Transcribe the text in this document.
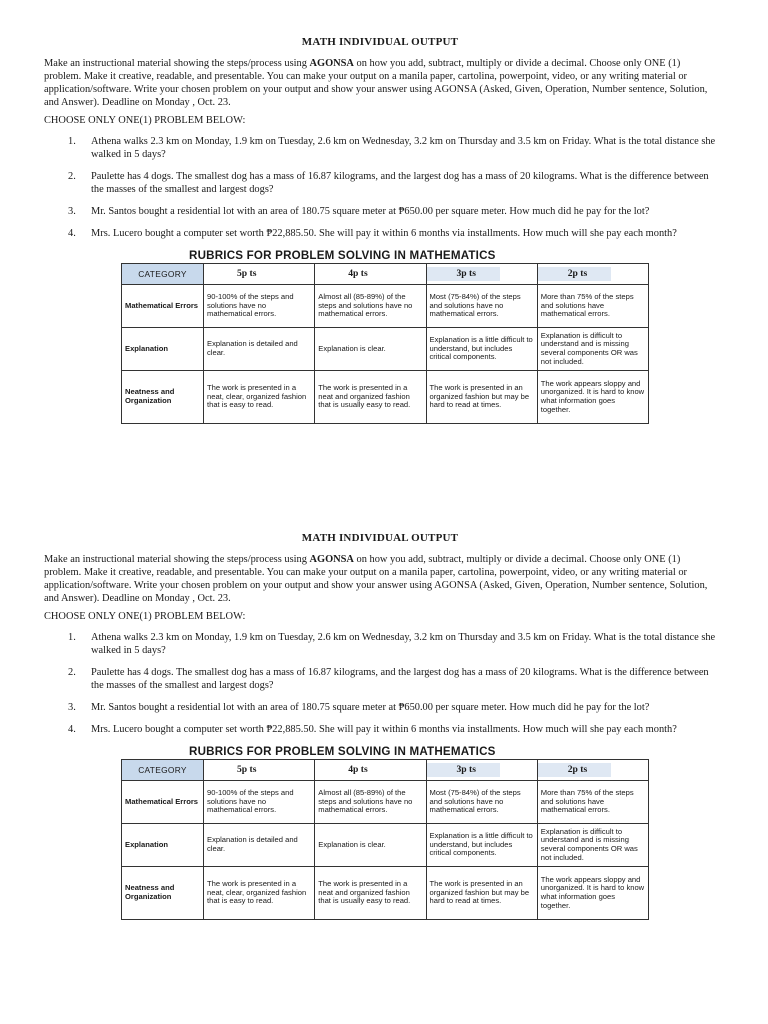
MATH INDIVIDUAL OUTPUT

Make an instructional material showing the steps/process using AGONSA on how you add, subtract, multiply or divide a decimal. Choose only ONE (1) problem. Make it creative, readable, and presentable. You can make your output on a manila paper, cartolina, powerpoint, video, or any writing material or application/software. Write your chosen problem on your output and show your answer using AGONSA (Asked, Given, Operation, Number sentence, Solution, and Answer). Deadline on Monday , Oct. 23.

CHOOSE ONLY ONE(1) PROBLEM BELOW:

1. Athena walks 2.3 km on Monday, 1.9 km on Tuesday, 2.6 km on Wednesday, 3.2 km on Thursday and 3.5 km on Friday. What is the total distance she walked in 5 days?
2. Paulette has 4 dogs. The smallest dog has a mass of 16.87 kilograms, and the largest dog has a mass of 20 kilograms. What is the difference between the masses of the smallest and largest dogs?
3. Mr. Santos bought a residential lot with an area of 180.75 square meter at ₱650.00 per square meter. How much did he pay for the lot?
4. Mrs. Lucero bought a computer set worth ₱22,885.50. She will pay it within 6 months via installments. How much will she pay each month?
RUBRICS FOR PROBLEM SOLVING IN MATHEMATICS
CATEGORY	5p ts	4p ts	3p ts	2p ts
Mathematical Errors	90-100% of the steps and solutions have no mathematical errors.	Almost all (85-89%) of the steps and solutions have no mathematical errors.	Most (75-84%) of the steps and solutions have no mathematical errors.	More than 75% of the steps and solutions have mathematical errors.
Explanation	Explanation is detailed and clear.	Explanation is clear.	Explanation is a little difficult to understand, but includes critical components.	Explanation is difficult to understand and is missing several components OR was not included.
Neatness and Organization	The work is presented in a neat, clear, organized fashion that is easy to read.	The work is presented in a neat and organized fashion that is usually easy to read.	The work is presented in an organized fashion but may be hard to read at times.	The work appears sloppy and unorganized. It is hard to know what information goes together.

MATH INDIVIDUAL OUTPUT

Make an instructional material showing the steps/process using AGONSA on how you add, subtract, multiply or divide a decimal. Choose only ONE (1) problem. Make it creative, readable, and presentable. You can make your output on a manila paper, cartolina, powerpoint, video, or any writing material or application/software. Write your chosen problem on your output and show your answer using AGONSA (Asked, Given, Operation, Number sentence, Solution, and Answer). Deadline on Monday , Oct. 23.

CHOOSE ONLY ONE(1) PROBLEM BELOW:

1. Athena walks 2.3 km on Monday, 1.9 km on Tuesday, 2.6 km on Wednesday, 3.2 km on Thursday and 3.5 km on Friday. What is the total distance she walked in 5 days?
2. Paulette has 4 dogs. The smallest dog has a mass of 16.87 kilograms, and the largest dog has a mass of 20 kilograms. What is the difference between the masses of the smallest and largest dogs?
3. Mr. Santos bought a residential lot with an area of 180.75 square meter at ₱650.00 per square meter. How much did he pay for the lot?
4. Mrs. Lucero bought a computer set worth ₱22,885.50. She will pay it within 6 months via installments. How much will she pay each month?
RUBRICS FOR PROBLEM SOLVING IN MATHEMATICS
CATEGORY	5p ts	4p ts	3p ts	2p ts
Mathematical Errors	90-100% of the steps and solutions have no mathematical errors.	Almost all (85-89%) of the steps and solutions have no mathematical errors.	Most (75-84%) of the steps and solutions have no mathematical errors.	More than 75% of the steps and solutions have mathematical errors.
Explanation	Explanation is detailed and clear.	Explanation is clear.	Explanation is a little difficult to understand, but includes critical components.	Explanation is difficult to understand and is missing several components OR was not included.
Neatness and Organization	The work is presented in a neat, clear, organized fashion that is easy to read.	The work is presented in a neat and organized fashion that is usually easy to read.	The work is presented in an organized fashion but may be hard to read at times.	The work appears sloppy and unorganized. It is hard to know what information goes together.
